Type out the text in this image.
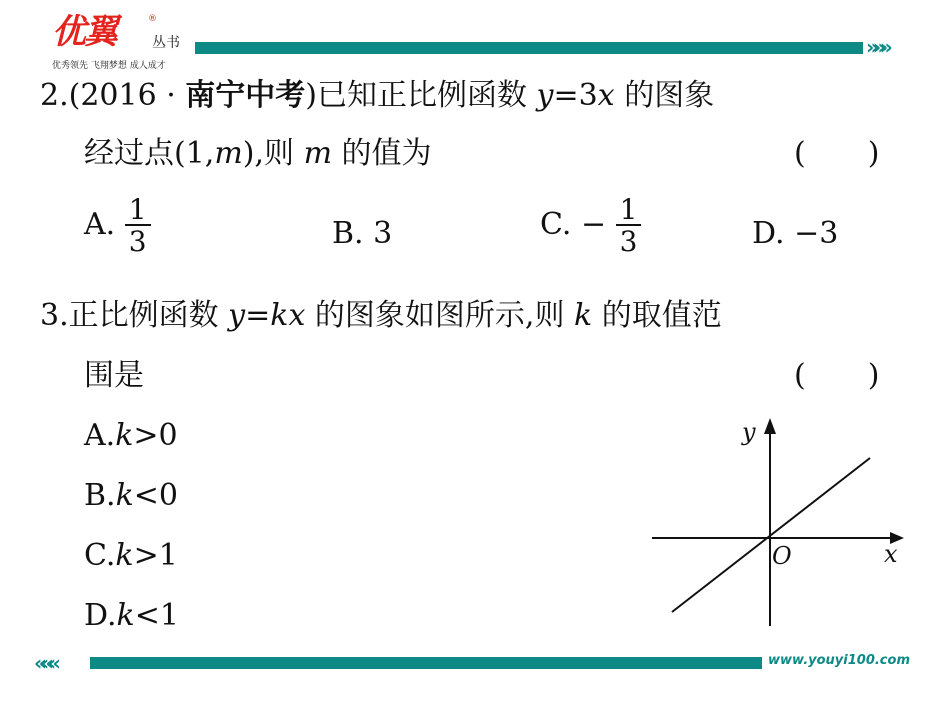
优翼	®
丛书
优秀领先 飞翔梦想 成人成才
»»»
2.(2016 · 南宁中考)已知正比例函数 y=3x 的图象
经过点(1,m),则 m 的值为	( )
A. $\frac{1}{3}$	B. 3	C. − $\frac{1}{3}$	D. −3
3.正比例函数 y=kx 的图象如图所示,则 k 的取值范
围是	( )
A.k>0
B.k<0
C.k>1
D.k<1
x
y
O
«««	www.youyi100.com
